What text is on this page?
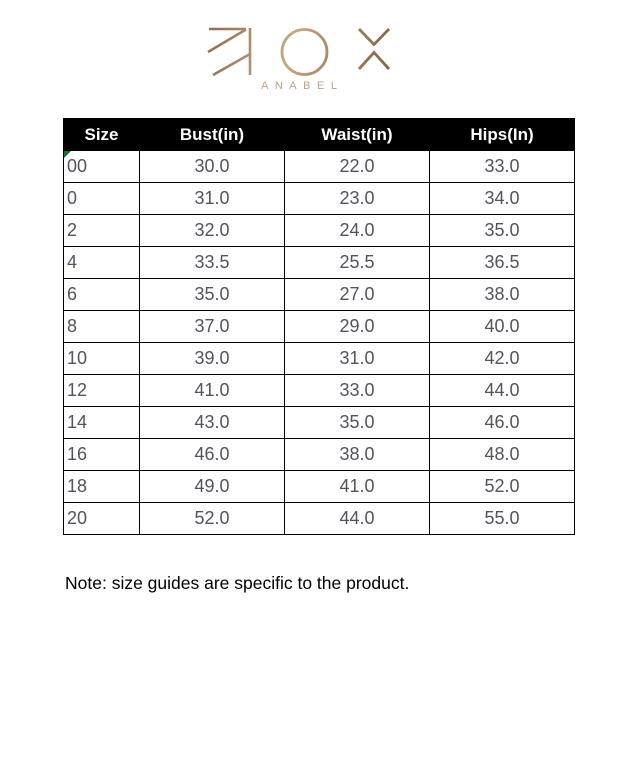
ANABEL
Size	Bust(in)	Waist(in)	Hips(In)
00	30.0	22.0	33.0
0	31.0	23.0	34.0
2	32.0	24.0	35.0
4	33.5	25.5	36.5
6	35.0	27.0	38.0
8	37.0	29.0	40.0
10	39.0	31.0	42.0
12	41.0	33.0	44.0
14	43.0	35.0	46.0
16	46.0	38.0	48.0
18	49.0	41.0	52.0
20	52.0	44.0	55.0

Note: size guides are specific to the product.
